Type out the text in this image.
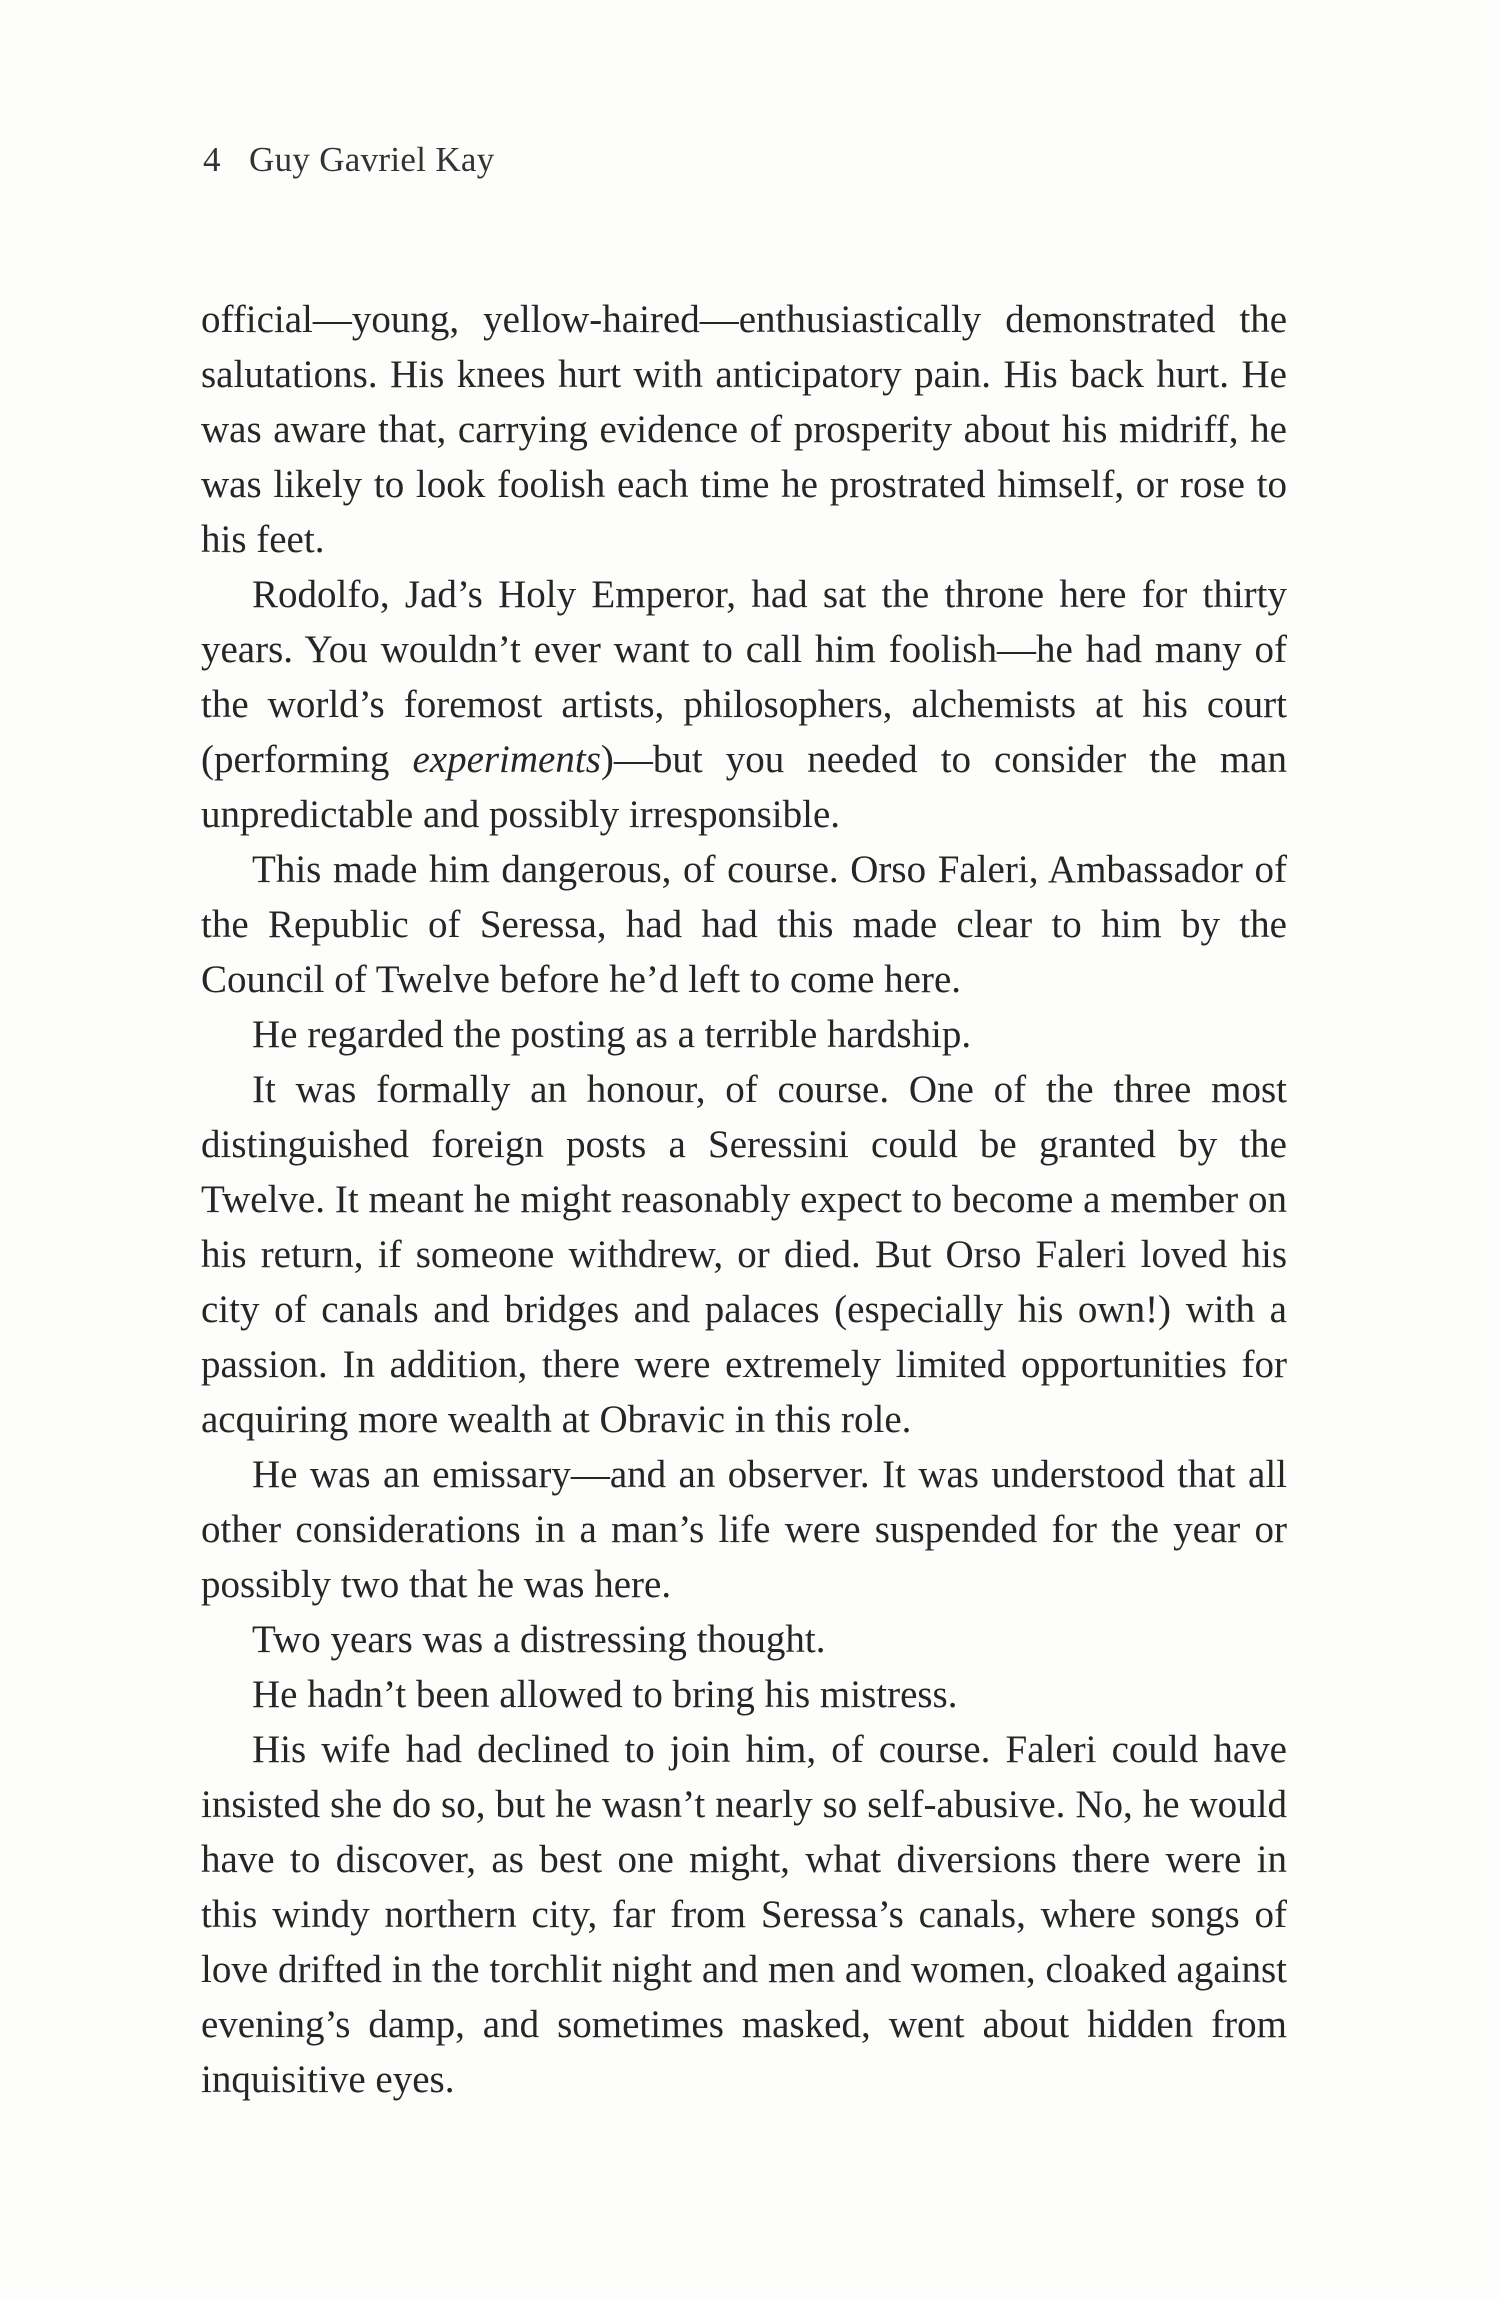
4 Guy Gavriel Kay

official—young, yellow-haired—enthusiastically demonstrated the salutations. His knees hurt with anticipatory pain. His back hurt. He was aware that, carrying evidence of prosperity about his midriff, he was likely to look foolish each time he prostrated himself, or rose to his feet.

Rodolfo, Jad’s Holy Emperor, had sat the throne here for thirty years. You wouldn’t ever want to call him foolish—he had many of the world’s foremost artists, philosophers, alchemists at his court (performing experiments)—but you needed to consider the man unpredictable and possibly irresponsible.

This made him dangerous, of course. Orso Faleri, Ambassador of the Republic of Seressa, had had this made clear to him by the Council of Twelve before he’d left to come here.

He regarded the posting as a terrible hardship.

It was formally an honour, of course. One of the three most distinguished foreign posts a Seressini could be granted by the Twelve. It meant he might reasonably expect to become a member on his return, if someone withdrew, or died. But Orso Faleri loved his city of canals and bridges and palaces (especially his own!) with a passion. In addition, there were extremely limited opportunities for acquiring more wealth at Obravic in this role.

He was an emissary—and an observer. It was understood that all other considerations in a man’s life were suspended for the year or possibly two that he was here.

Two years was a distressing thought.

He hadn’t been allowed to bring his mistress.

His wife had declined to join him, of course. Faleri could have insisted she do so, but he wasn’t nearly so self-abusive. No, he would have to discover, as best one might, what diversions there were in this windy northern city, far from Seressa’s canals, where songs of love drifted in the torchlit night and men and women, cloaked against evening’s damp, and sometimes masked, went about hidden from inquisitive eyes.
